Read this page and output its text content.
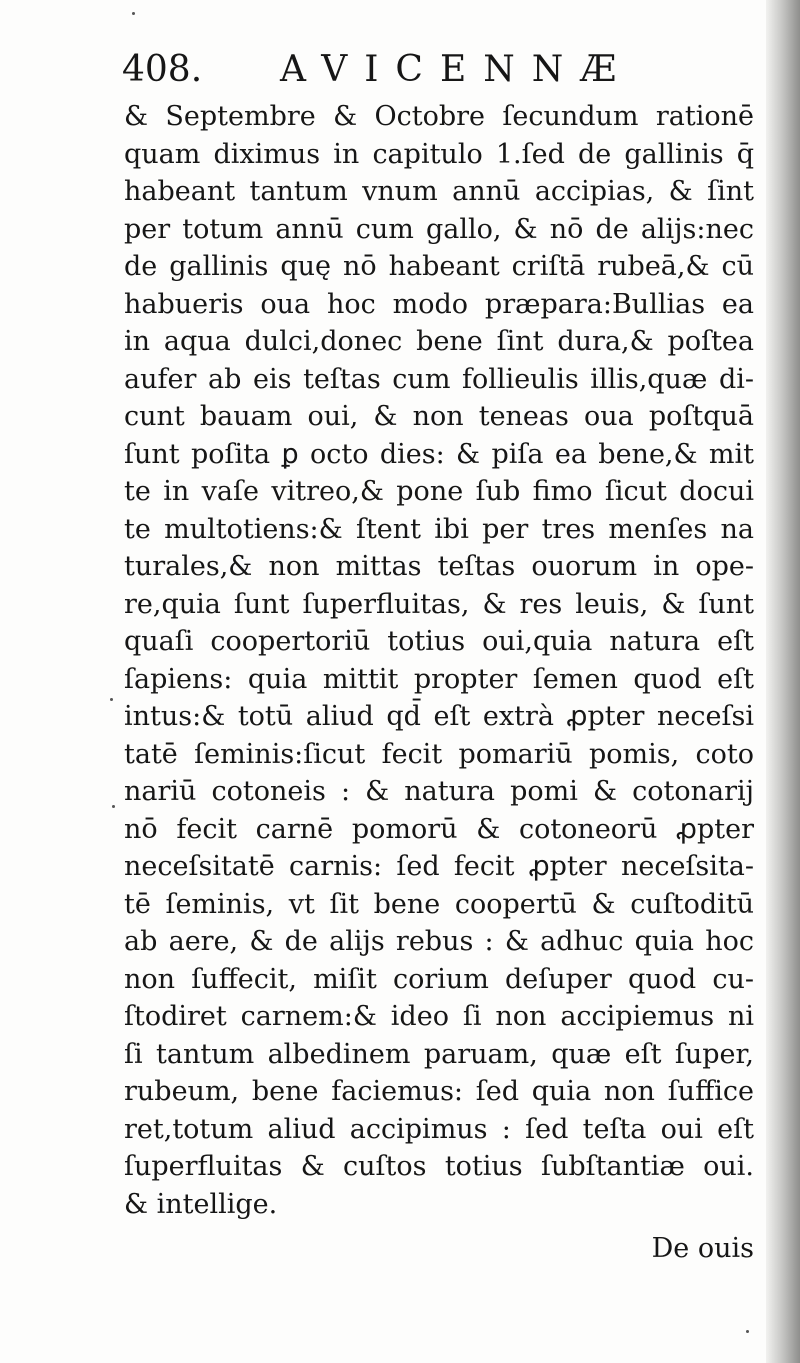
408. AVICENNÆ
& Septembre & Octobre ſecundum rationē
quam diximus in capitulo 1.ſed de gallinis q̄
habeant tantum vnum annū accipias, & ſint
per totum annū cum gallo, & nō de alijs:nec
de gallinis quę nō habeant criſtā rubeā,& cū
habueris oua hoc modo præpara:Bullias ea
in aqua dulci,donec bene ſint dura,& poſtea
aufer ab eis teſtas cum follieulis illis,quæ di-
cunt bauam oui, & non teneas oua poſtquā
ſunt poſita ꝑ octo dies: & piſa ea bene,& mit
te in vaſe vitreo,& pone ſub fimo ſicut docui
te multotiens:& ſtent ibi per tres menſes na
turales,& non mittas teſtas ouorum in ope-
re,quia ſunt ſuperfluitas, & res leuis, & ſunt
quaſi coopertoriū totius oui,quia natura eſt
ſapiens: quia mittit propter ſemen quod eſt
intus:& totū aliud qd̄ eſt extrà ꝓpter neceſsi
tatē ſeminis:ſicut fecit pomariū pomis, coto
nariū cotoneis : & natura pomi & cotonarij
nō fecit carnē pomorū & cotoneorū ꝓpter
neceſsitatē carnis: ſed fecit ꝓpter neceſsita-
tē ſeminis, vt ſit bene coopertū & cuſtoditū
ab aere, & de alijs rebus : & adhuc quia hoc
non ſuffecit, miſit corium deſuper quod cu-
ſtodiret carnem:& ideo ſi non accipiemus ni
ſi tantum albedinem paruam, quæ eſt ſuper,
rubeum, bene faciemus: ſed quia non ſuffice
ret,totum aliud accipimus : ſed teſta oui eſt
ſuperfluitas & cuſtos totius ſubſtantiæ oui.
& intellige.
De ouis
